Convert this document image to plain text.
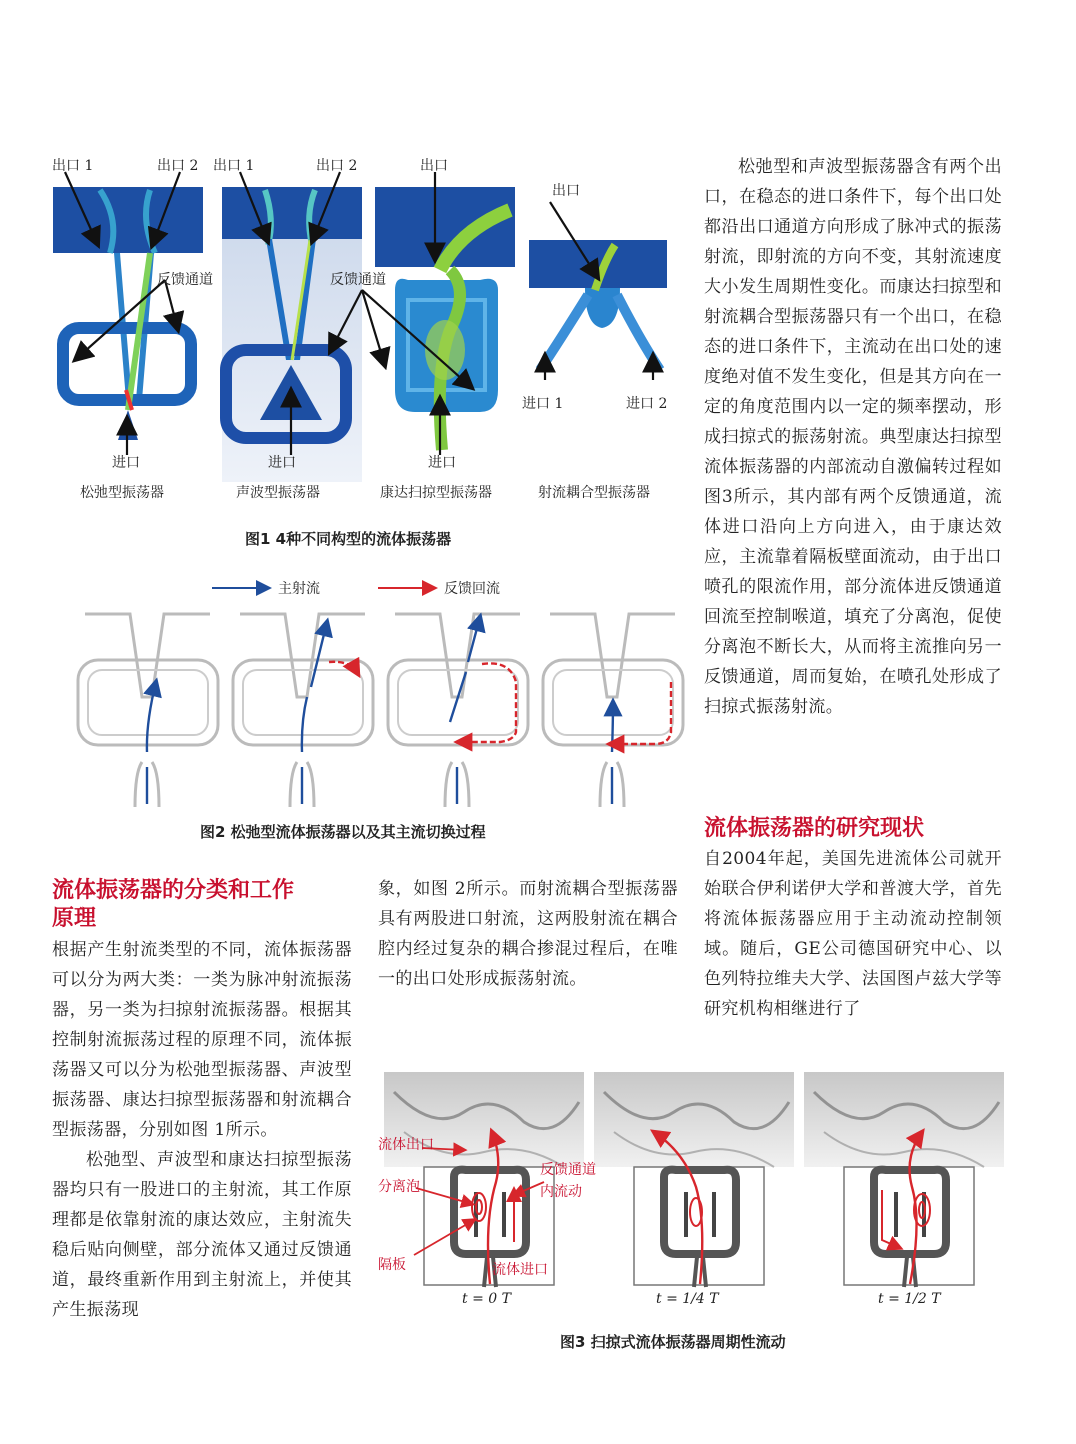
出口 1	出口 2 出口 1	出口 2	出口
出口
反馈通道	反馈通道
进口	进口	进口
进口 1	进口 2
松弛型振荡器	声波型振荡器	康达扫掠型振荡器	射流耦合型振荡器
图1 4种不同构型的流体振荡器
主射流	反馈回流
图2 松弛型流体振荡器以及其主流切换过程
流体振荡器的分类和工作
原理

根据产生射流类型的不同，流体振荡器可以分为两大类：一类为脉冲射流振荡器，另一类为扫掠射流振荡器。根据其控制射流振荡过程的原理不同，流体振荡器又可以分为松弛型振荡器、声波型振荡器、康达扫掠型振荡器和射流耦合型振荡器，分别如图 1所示。

松弛型、声波型和康达扫掠型振荡器均只有一股进口的主射流，其工作原理都是依靠射流的康达效应，主射流失稳后贴向侧壁，部分流体又通过反馈通道，最终重新作用到主射流上，并使其产生振荡现

象，如图 2所示。而射流耦合型振荡器具有两股进口射流，这两股射流在耦合腔内经过复杂的耦合掺混过程后，在唯一的出口处形成振荡射流。

松弛型和声波型振荡器含有两个出口，在稳态的进口条件下，每个出口处都沿出口通道方向形成了脉冲式的振荡射流，即射流的方向不变，其射流速度大小发生周期性变化。而康达扫掠型和射流耦合型振荡器只有一个出口，在稳态的进口条件下，主流动在出口处的速度绝对值不发生变化，但是其方向在一定的角度范围内以一定的频率摆动，形成扫掠式的振荡射流。典型康达扫掠型流体振荡器的内部流动自激偏转过程如图3所示，其内部有两个反馈通道，流体进口沿向上方向进入，由于康达效应，主流靠着隔板壁面流动，由于出口喷孔的限流作用，部分流体进反馈通道回流至控制喉道，填充了分离泡，促使分离泡不断长大，从而将主流推向另一反馈通道，周而复始，在喷孔处形成了扫掠式振荡射流。

流体振荡器的研究现状

自2004年起，美国先进流体公司就开始联合伊利诺伊大学和普渡大学，首先将流体振荡器应用于主动流动控制领域。随后，GE公司德国研究中心、以色列特拉维夫大学、法国图卢兹大学等研究机构相继进行了

流体出口
分离泡
反馈通道
内流动
隔板	流体进口
t = 0 T	t = 1/4 T	t = 1/2 T
图3 扫掠式流体振荡器周期性流动
